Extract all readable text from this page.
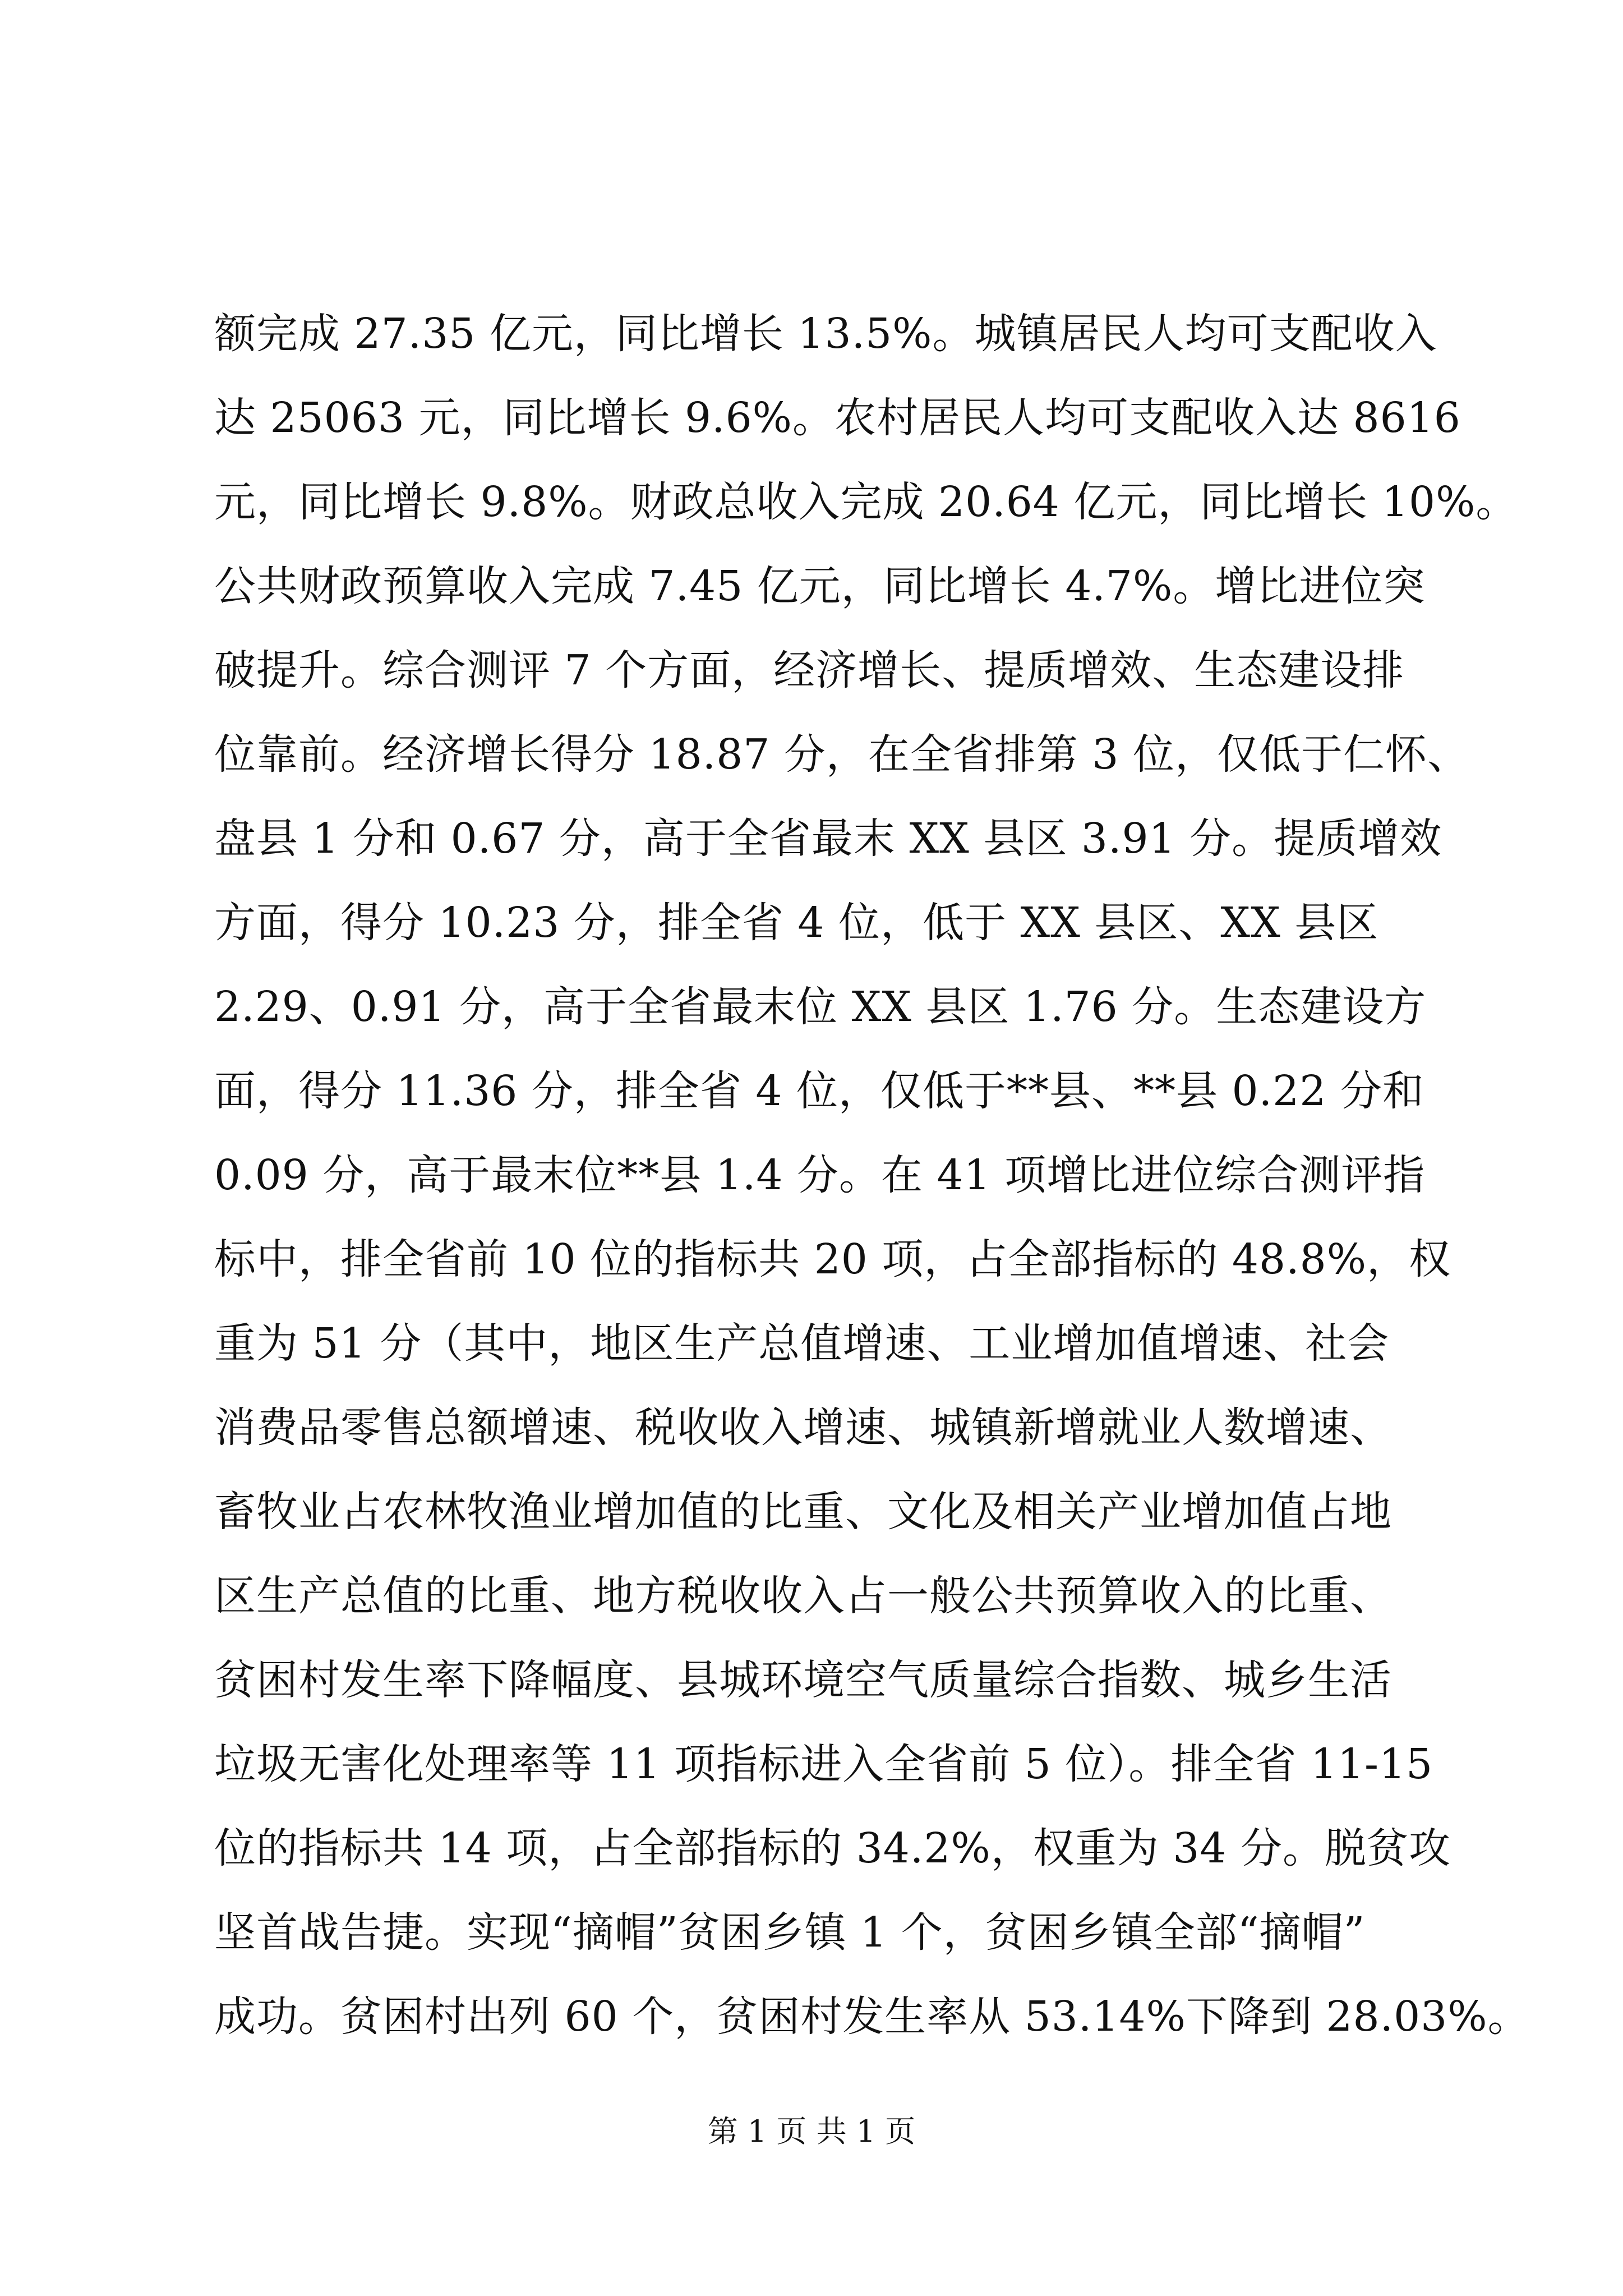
额完成 27.35 亿元，同比增长 13.5%。城镇居民人均可支配收入
达 25063 元，同比增长 9.6%。农村居民人均可支配收入达 8616
元，同比增长 9.8%。财政总收入完成 20.64 亿元，同比增长 10%。
公共财政预算收入完成 7.45 亿元，同比增长 4.7%。增比进位突
破提升。综合测评 7 个方面，经济增长、提质增效、生态建设排
位靠前。经济增长得分 18.87 分，在全省排第 3 位，仅低于仁怀、
盘县 1 分和 0.67 分，高于全省最末 XX 县区 3.91 分。提质增效
方面，得分 10.23 分，排全省 4 位，低于 XX 县区、XX 县区
2.29、0.91 分，高于全省最末位 XX 县区 1.76 分。生态建设方
面，得分 11.36 分，排全省 4 位，仅低于**县、**县 0.22 分和
0.09 分，高于最末位**县 1.4 分。在 41 项增比进位综合测评指
标中，排全省前 10 位的指标共 20 项，占全部指标的 48.8%，权
重为 51 分（其中，地区生产总值增速、工业增加值增速、社会
消费品零售总额增速、税收收入增速、城镇新增就业人数增速、
畜牧业占农林牧渔业增加值的比重、文化及相关产业增加值占地
区生产总值的比重、地方税收收入占一般公共预算收入的比重、
贫困村发生率下降幅度、县城环境空气质量综合指数、城乡生活
垃圾无害化处理率等 11 项指标进入全省前 5 位）。排全省 11-15
位的指标共 14 项，占全部指标的 34.2%，权重为 34 分。脱贫攻
坚首战告捷。实现“摘帽”贫困乡镇 1 个，贫困乡镇全部“摘帽”
成功。贫困村出列 60 个，贫困村发生率从 53.14%下降到 28.03%。
第 1 页 共 1 页
